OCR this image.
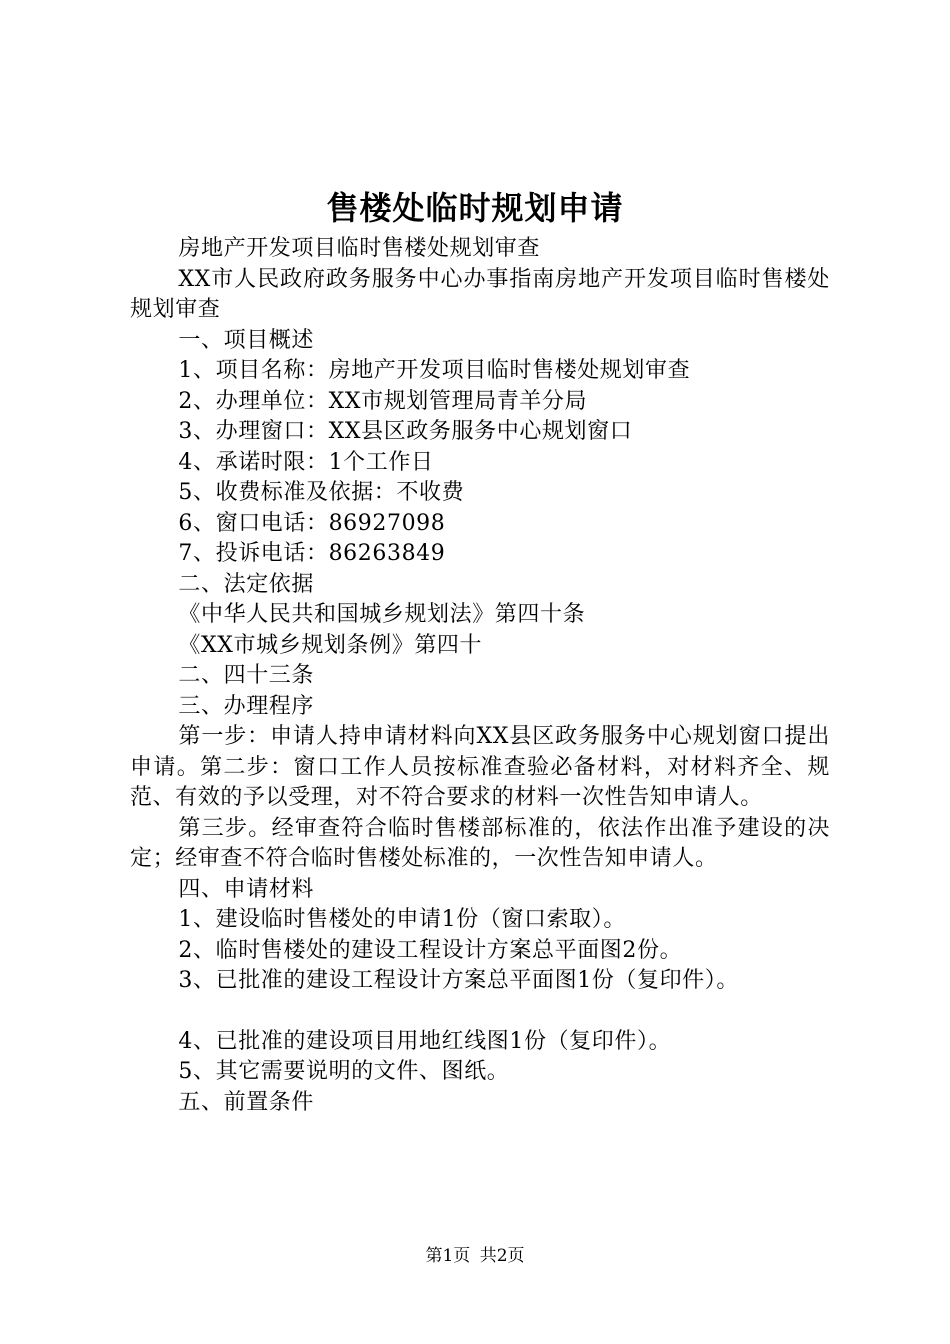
售楼处临时规划申请

房地产开发项目临时售楼处规划审查

XX市人民政府政务服务中心办事指南房地产开发项目临时售楼处规划审查

一、项目概述

1、项目名称：房地产开发项目临时售楼处规划审查

2、办理单位：XX市规划管理局青羊分局

3、办理窗口：XX县区政务服务中心规划窗口

4、承诺时限：1个工作日

5、收费标准及依据：不收费

6、窗口电话：86927098

7、投诉电话：86263849

二、法定依据

《中华人民共和国城乡规划法》第四十条

《XX市城乡规划条例》第四十

二、四十三条

三、办理程序

第一步：申请人持申请材料向XX县区政务服务中心规划窗口提出申请。第二步：窗口工作人员按标准查验必备材料，对材料齐全、规范、有效的予以受理，对不符合要求的材料一次性告知申请人。

第三步。经审查符合临时售楼部标准的，依法作出准予建设的决定；经审查不符合临时售楼处标准的，一次性告知申请人。

四、申请材料

1、建设临时售楼处的申请1份（窗口索取）。

2、临时售楼处的建设工程设计方案总平面图2份。

3、已批准的建设工程设计方案总平面图1份（复印件）。

4、已批准的建设项目用地红线图1份（复印件）。

5、其它需要说明的文件、图纸。

五、前置条件

第1页 共2页
